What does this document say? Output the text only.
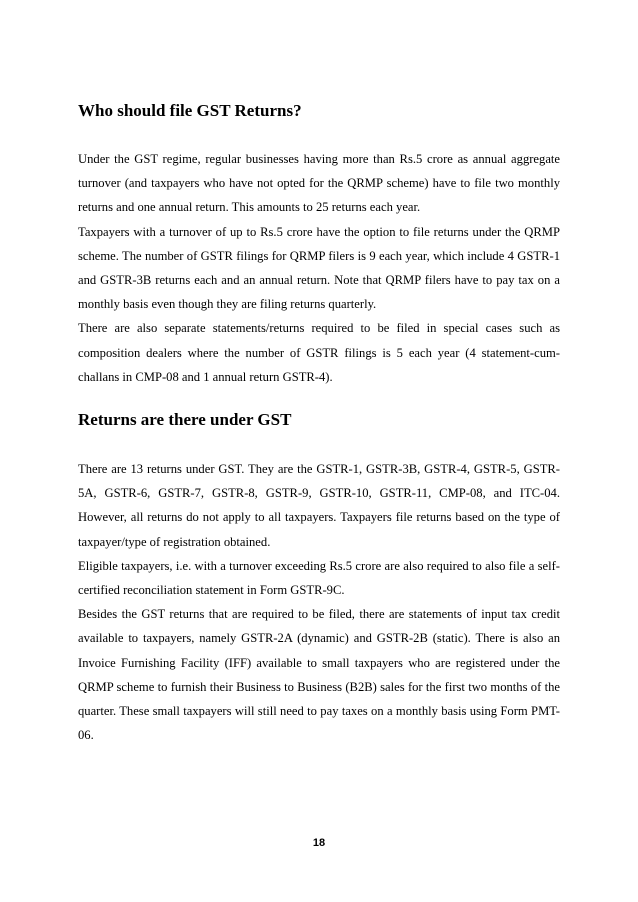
Who should file GST Returns?

Under the GST regime, regular businesses having more than Rs.5 crore as annual aggregate turnover (and taxpayers who have not opted for the QRMP scheme) have to file two monthly returns and one annual return. This amounts to 25 returns each year.

Taxpayers with a turnover of up to Rs.5 crore have the option to file returns under the QRMP scheme. The number of GSTR filings for QRMP filers is 9 each year, which include 4 GSTR-1 and GSTR-3B returns each and an annual return. Note that QRMP filers have to pay tax on a monthly basis even though they are filing returns quarterly.

There are also separate statements/returns required to be filed in special cases such as composition dealers where the number of GSTR filings is 5 each year (4 statement-cum-challans in CMP-08 and 1 annual return GSTR-4).

Returns are there under GST

There are 13 returns under GST. They are the GSTR-1, GSTR-3B, GSTR-4, GSTR-5, GSTR-5A, GSTR-6, GSTR-7, GSTR-8, GSTR-9, GSTR-10, GSTR-11, CMP-08, and ITC-04. However, all returns do not apply to all taxpayers. Taxpayers file returns based on the type of taxpayer/type of registration obtained.

Eligible taxpayers, i.e. with a turnover exceeding Rs.5 crore are also required to also file a self-certified reconciliation statement in Form GSTR-9C.

Besides the GST returns that are required to be filed, there are statements of input tax credit available to taxpayers, namely GSTR-2A (dynamic) and GSTR-2B (static). There is also an Invoice Furnishing Facility (IFF) available to small taxpayers who are registered under the QRMP scheme to furnish their Business to Business (B2B) sales for the first two months of the quarter. These small taxpayers will still need to pay taxes on a monthly basis using Form PMT-06.

18
